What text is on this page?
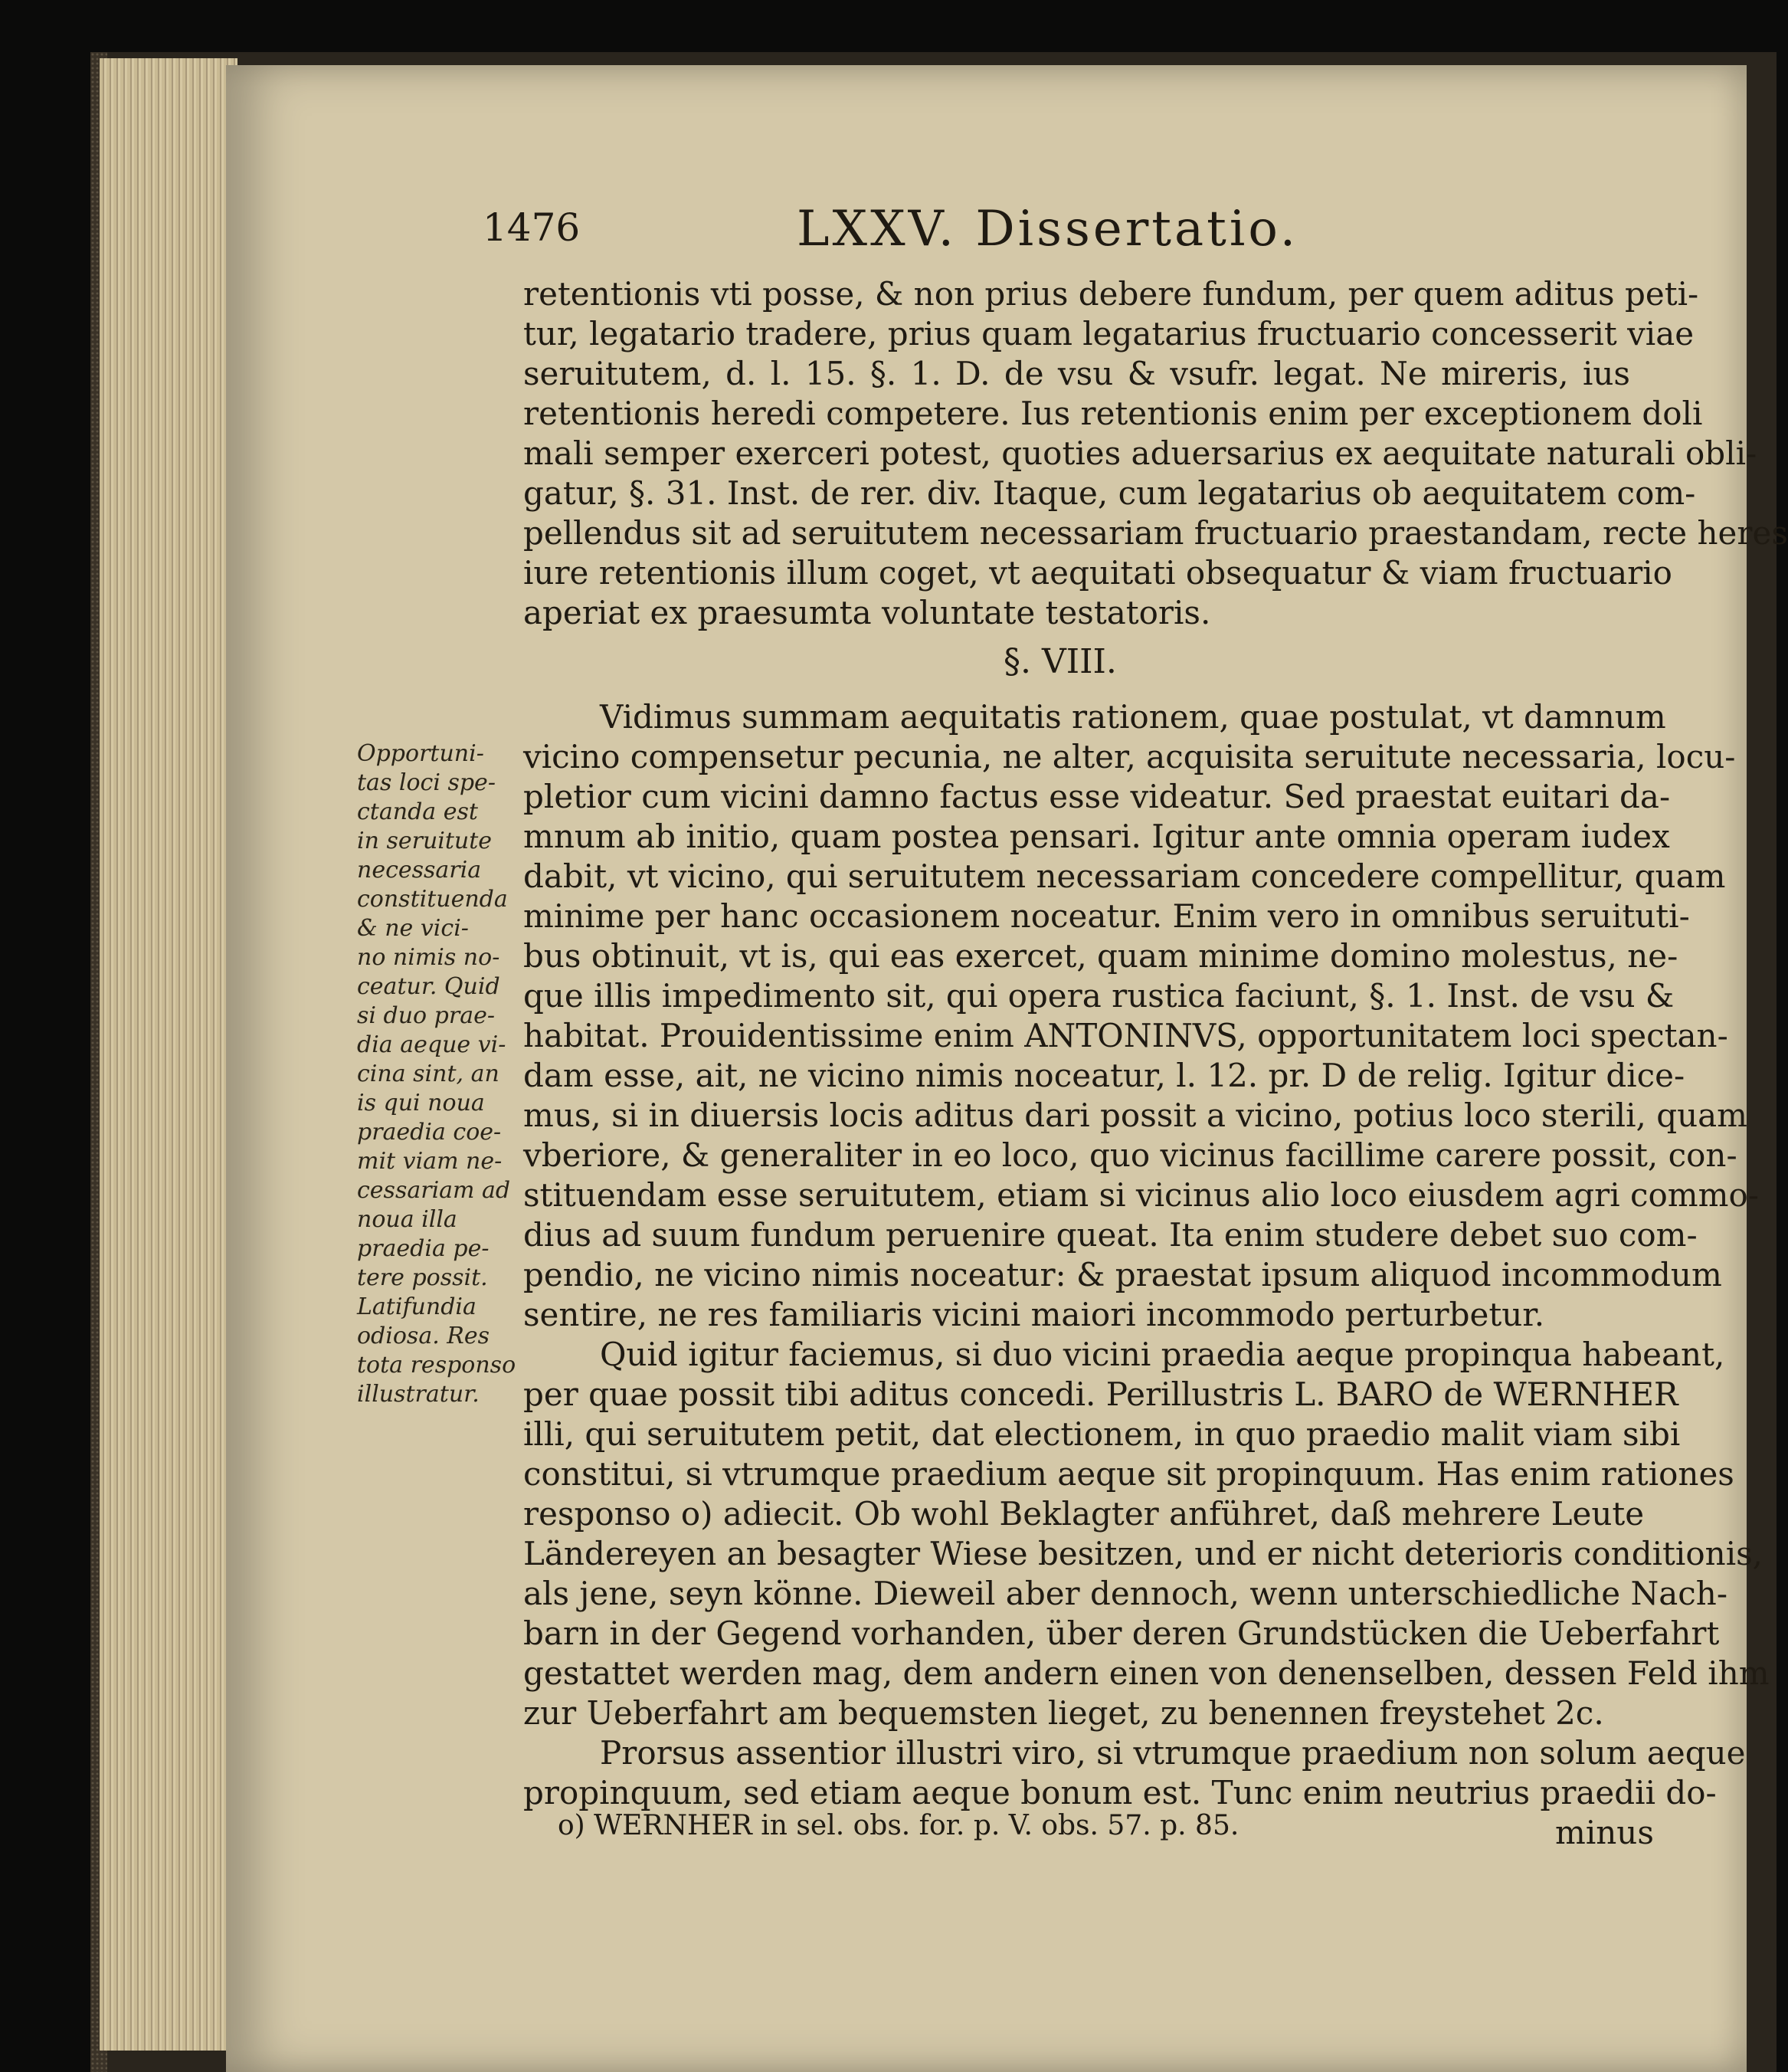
1476	LXXV. Dissertatio.
retentionis vti posse, & non prius debere fundum, per quem aditus peti-
tur, legatario tradere, prius quam legatarius fructuario concesserit viae
seruitutem, d. l. 15. §. 1. D. de vsu & vsufr. legat. Ne mireris, ius
retentionis heredi competere. Ius retentionis enim per exceptionem doli
mali semper exerceri potest, quoties aduersarius ex aequitate naturali obli-
gatur, §. 31. Inst. de rer. div. Itaque, cum legatarius ob aequitatem com-
pellendus sit ad seruitutem necessariam fructuario praestandam, recte heres
iure retentionis illum coget, vt aequitati obsequatur & viam fructuario
aperiat ex praesumta voluntate testatoris.
Vidimus summam aequitatis rationem, quae postulat, vt damnum
vicino compensetur pecunia, ne alter, acquisita seruitute necessaria, locu-
pletior cum vicini damno factus esse videatur. Sed praestat euitari da-
mnum ab initio, quam postea pensari. Igitur ante omnia operam iudex
dabit, vt vicino, qui seruitutem necessariam concedere compellitur, quam
minime per hanc occasionem noceatur. Enim vero in omnibus seruituti-
bus obtinuit, vt is, qui eas exercet, quam minime domino molestus, ne-
que illis impedimento sit, qui opera rustica faciunt, §. 1. Inst. de vsu &
habitat. Prouidentissime enim ANTONINVS, opportunitatem loci spectan-
dam esse, ait, ne vicino nimis noceatur, l. 12. pr. D de relig. Igitur dice-
mus, si in diuersis locis aditus dari possit a vicino, potius loco sterili, quam
vberiore, & generaliter in eo loco, quo vicinus facillime carere possit, con-
stituendam esse seruitutem, etiam si vicinus alio loco eiusdem agri commo-
dius ad suum fundum peruenire queat. Ita enim studere debet suo com-
pendio, ne vicino nimis noceatur: & praestat ipsum aliquod incommodum
sentire, ne res familiaris vicini maiori incommodo perturbetur.
Quid igitur faciemus, si duo vicini praedia aeque propinqua habeant,
per quae possit tibi aditus concedi. Perillustris L. BARO de WERNHER
illi, qui seruitutem petit, dat electionem, in quo praedio malit viam sibi
constitui, si vtrumque praedium aeque sit propinquum. Has enim rationes
responso o) adiecit. Ob wohl Beklagter anführet, daß mehrere Leute
Ländereyen an besagter Wiese besitzen, und er nicht deterioris conditionis,
als jene, seyn könne. Dieweil aber dennoch, wenn unterschiedliche Nach-
barn in der Gegend vorhanden, über deren Grundstücken die Ueberfahrt
gestattet werden mag, dem andern einen von denenselben, dessen Feld ihm
zur Ueberfahrt am bequemsten lieget, zu benennen freystehet 2c.
Prorsus assentior illustri viro, si vtrumque praedium non solum aeque
propinquum, sed etiam aeque bonum est. Tunc enim neutrius praedii do-
minus
§. VIII.
Opportuni-
tas loci spe-
ctanda est
in seruitute
necessaria
constituenda
& ne vici-
no nimis no-
ceatur. Quid
si duo prae-
dia aeque vi-
cina sint, an
is qui noua
praedia coe-
mit viam ne-
cessariam ad
noua illa
praedia pe-
tere possit.
Latifundia
odiosa. Res
tota responso
illustratur.
o) WERNHER in sel. obs. for. p. V. obs. 57. p. 85.
